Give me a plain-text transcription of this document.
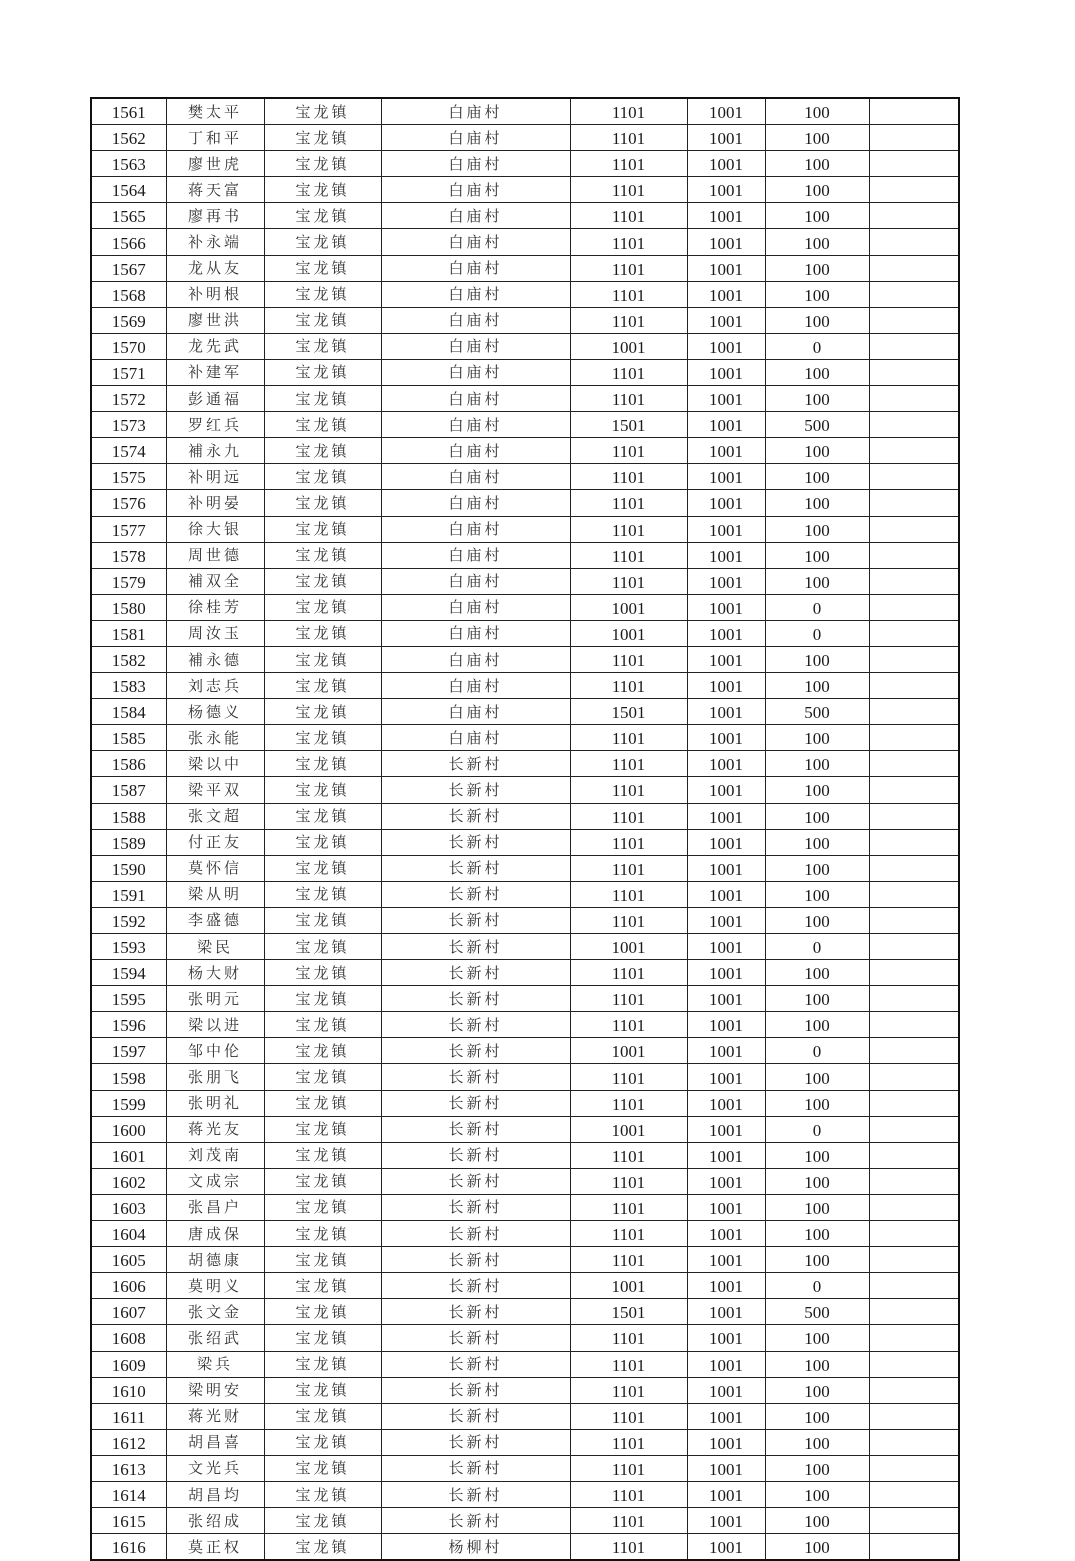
1561	樊太平	宝龙镇	白庙村	1101	1001	100	
1562	丁和平	宝龙镇	白庙村	1101	1001	100	
1563	廖世虎	宝龙镇	白庙村	1101	1001	100	
1564	蒋天富	宝龙镇	白庙村	1101	1001	100	
1565	廖再书	宝龙镇	白庙村	1101	1001	100	
1566	补永端	宝龙镇	白庙村	1101	1001	100	
1567	龙从友	宝龙镇	白庙村	1101	1001	100	
1568	补明根	宝龙镇	白庙村	1101	1001	100	
1569	廖世洪	宝龙镇	白庙村	1101	1001	100	
1570	龙先武	宝龙镇	白庙村	1001	1001	0	
1571	补建军	宝龙镇	白庙村	1101	1001	100	
1572	彭通福	宝龙镇	白庙村	1101	1001	100	
1573	罗红兵	宝龙镇	白庙村	1501	1001	500	
1574	補永九	宝龙镇	白庙村	1101	1001	100	
1575	补明远	宝龙镇	白庙村	1101	1001	100	
1576	补明晏	宝龙镇	白庙村	1101	1001	100	
1577	徐大银	宝龙镇	白庙村	1101	1001	100	
1578	周世德	宝龙镇	白庙村	1101	1001	100	
1579	補双全	宝龙镇	白庙村	1101	1001	100	
1580	徐桂芳	宝龙镇	白庙村	1001	1001	0	
1581	周汝玉	宝龙镇	白庙村	1001	1001	0	
1582	補永德	宝龙镇	白庙村	1101	1001	100	
1583	刘志兵	宝龙镇	白庙村	1101	1001	100	
1584	杨德义	宝龙镇	白庙村	1501	1001	500	
1585	张永能	宝龙镇	白庙村	1101	1001	100	
1586	梁以中	宝龙镇	长新村	1101	1001	100	
1587	梁平双	宝龙镇	长新村	1101	1001	100	
1588	张文超	宝龙镇	长新村	1101	1001	100	
1589	付正友	宝龙镇	长新村	1101	1001	100	
1590	莫怀信	宝龙镇	长新村	1101	1001	100	
1591	梁从明	宝龙镇	长新村	1101	1001	100	
1592	李盛德	宝龙镇	长新村	1101	1001	100	
1593	梁民	宝龙镇	长新村	1001	1001	0	
1594	杨大财	宝龙镇	长新村	1101	1001	100	
1595	张明元	宝龙镇	长新村	1101	1001	100	
1596	梁以进	宝龙镇	长新村	1101	1001	100	
1597	邹中伦	宝龙镇	长新村	1001	1001	0	
1598	张朋飞	宝龙镇	长新村	1101	1001	100	
1599	张明礼	宝龙镇	长新村	1101	1001	100	
1600	蒋光友	宝龙镇	长新村	1001	1001	0	
1601	刘茂南	宝龙镇	长新村	1101	1001	100	
1602	文成宗	宝龙镇	长新村	1101	1001	100	
1603	张昌户	宝龙镇	长新村	1101	1001	100	
1604	唐成保	宝龙镇	长新村	1101	1001	100	
1605	胡德康	宝龙镇	长新村	1101	1001	100	
1606	莫明义	宝龙镇	长新村	1001	1001	0	
1607	张文金	宝龙镇	长新村	1501	1001	500	
1608	张绍武	宝龙镇	长新村	1101	1001	100	
1609	梁兵	宝龙镇	长新村	1101	1001	100	
1610	梁明安	宝龙镇	长新村	1101	1001	100	
1611	蒋光财	宝龙镇	长新村	1101	1001	100	
1612	胡昌喜	宝龙镇	长新村	1101	1001	100	
1613	文光兵	宝龙镇	长新村	1101	1001	100	
1614	胡昌均	宝龙镇	长新村	1101	1001	100	
1615	张绍成	宝龙镇	长新村	1101	1001	100	
1616	莫正权	宝龙镇	杨柳村	1101	1001	100	
